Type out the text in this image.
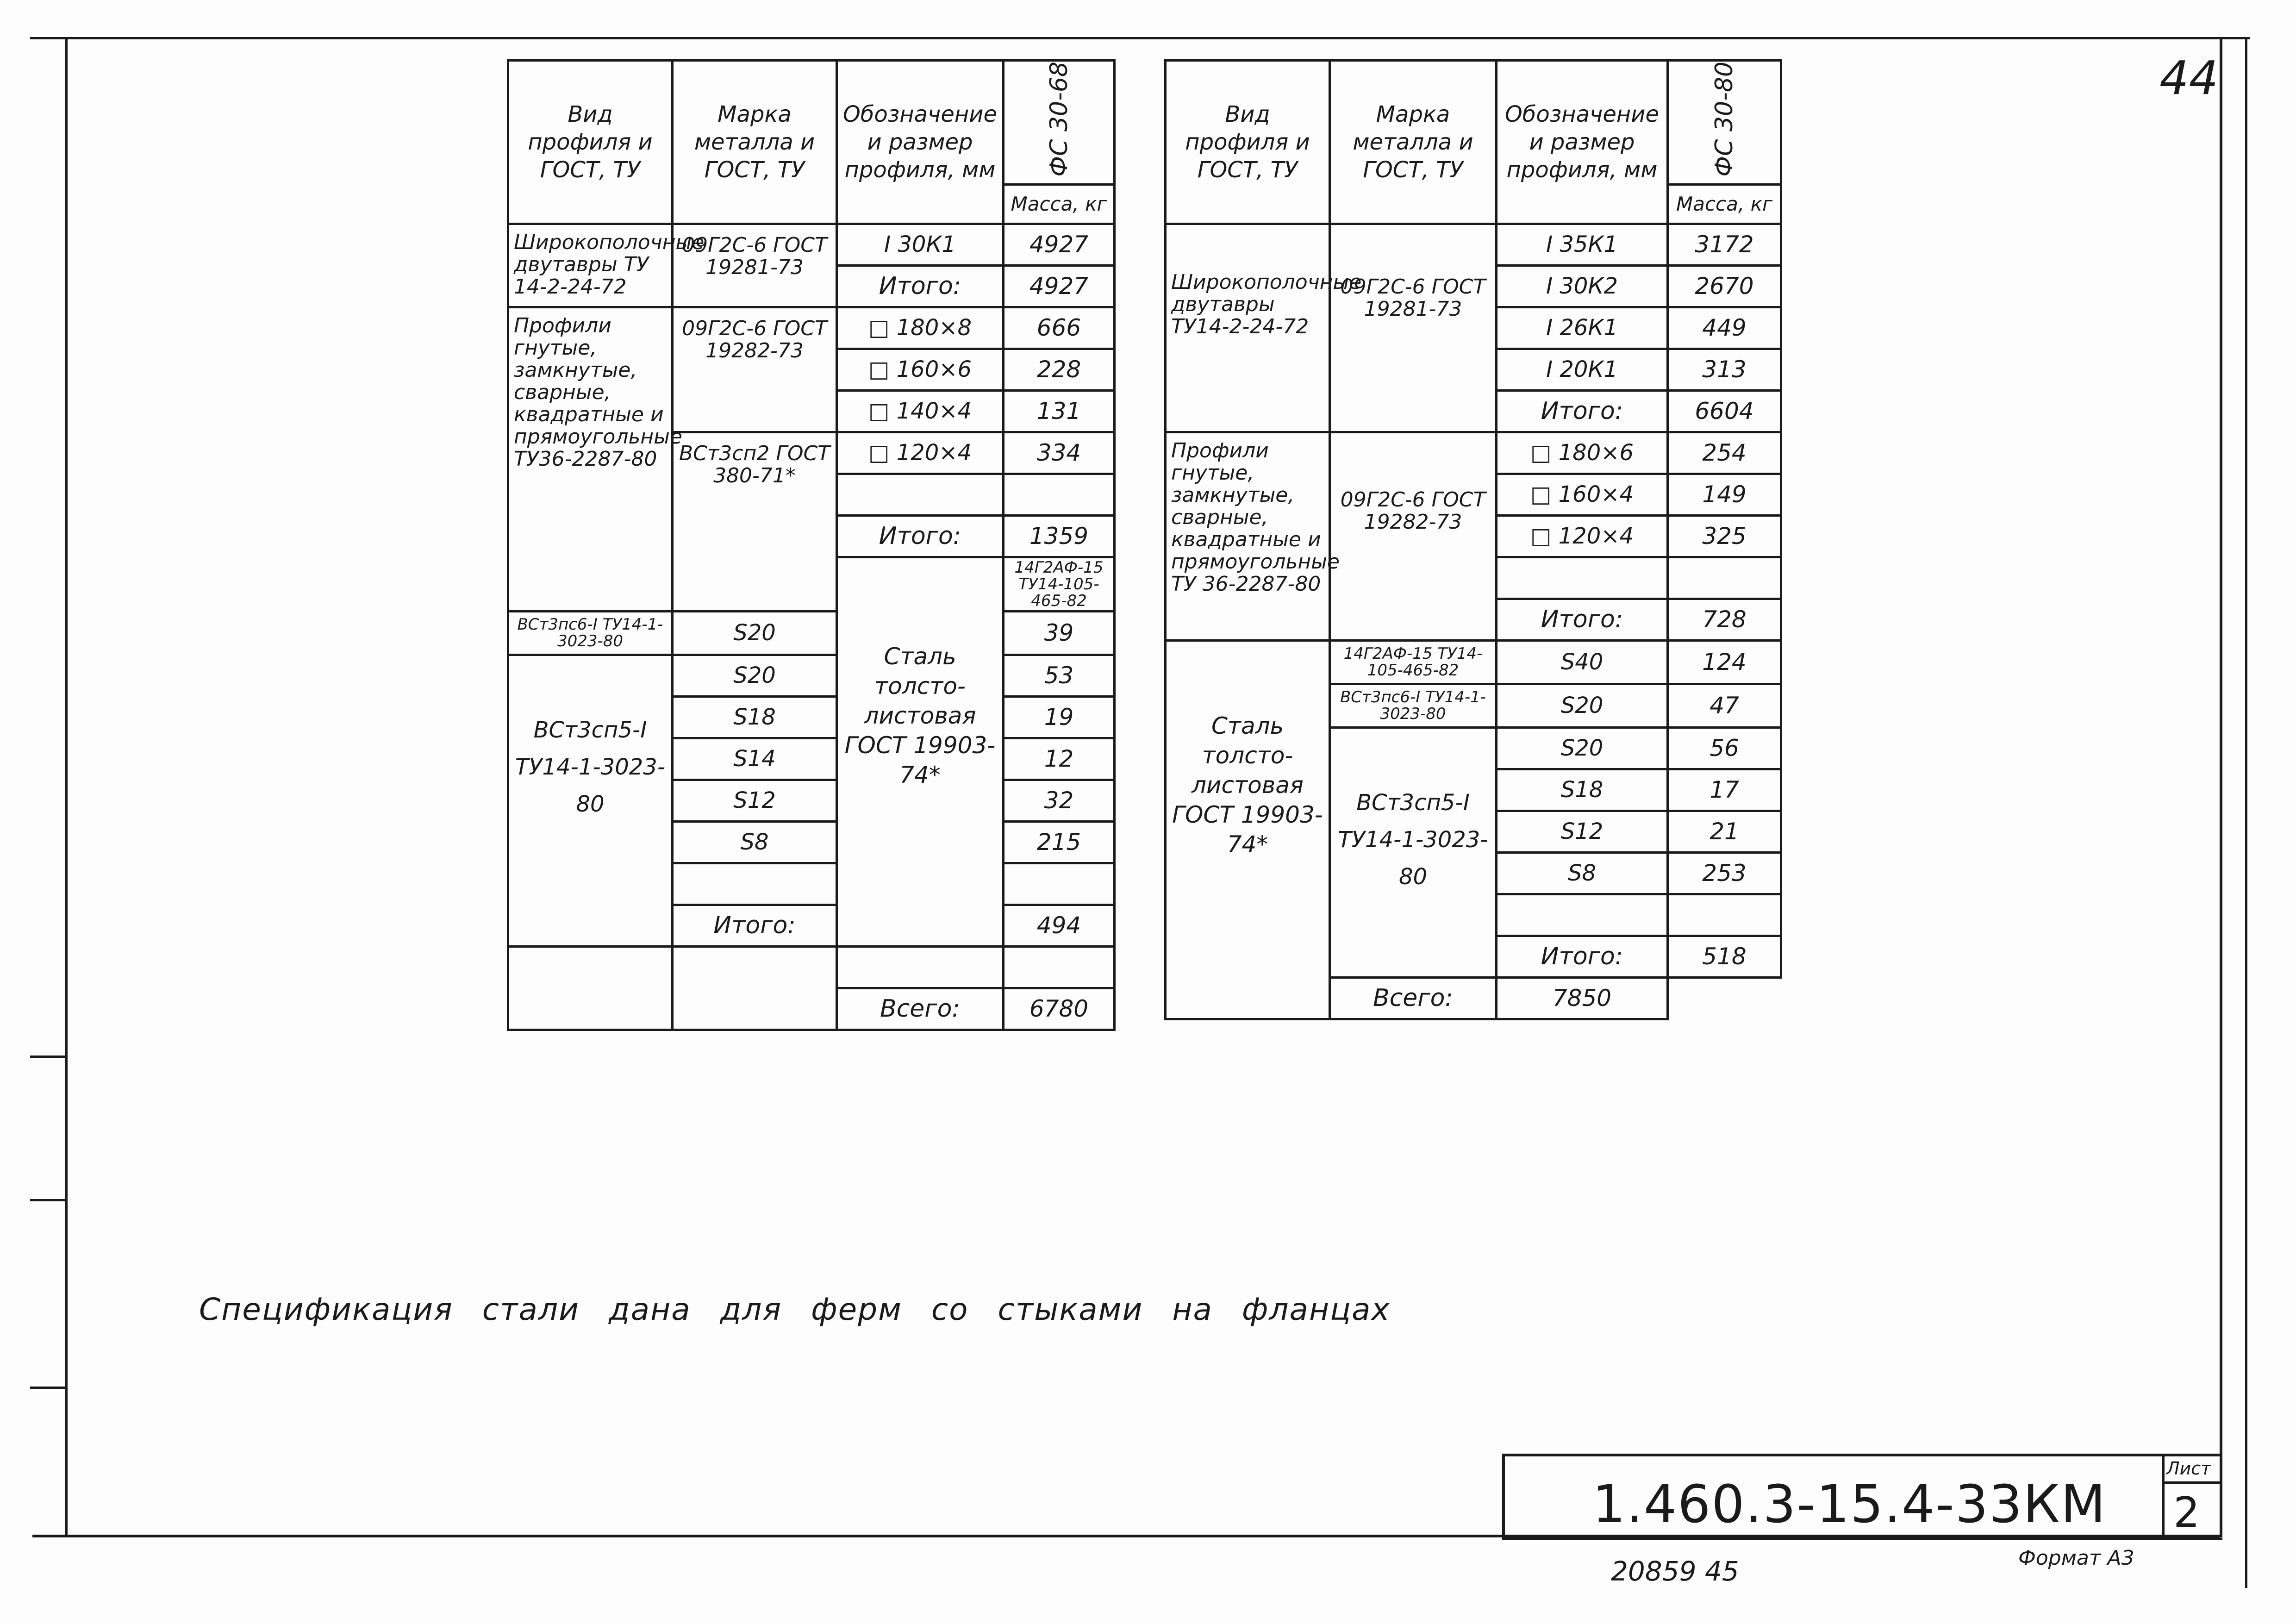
44
Вид профиля и ГОСТ, ТУ	Марка металла и ГОСТ, ТУ	Обозначение и размер профиля, мм	ФС 30-68	
			Масса, кг	
Широкополочные двутавры ТУ 14-2-24-72	09Г2С-6 ГОСТ 19281-73	I 30К1	4927	
		Итого:	4927	
Профили гнутые, замкнутые, сварные, квадратные и прямоугольные ТУ36-2287-80	09Г2С-6 ГОСТ 19282-73	□ 180×8	666	
		□ 160×6	228	
		□ 140×4	131	
	ВСт3сп2 ГОСТ 380-71*	□ 120×4	334	

		Итого:	1359	
		Сталь толсто-листовая ГОСТ 19903-74*	14Г2АФ-15 ТУ14-105-465-82		
ВСт3пс6-I ТУ14-1-3023-80	S20		39	
ВСт3сп5-I ТУ14-1-3023-80	S20		53	
	S18		19	
	S14		12	
	S12		32	
	S8		215	

	Итого:		494	

		Всего:	6780	
Вид профиля и ГОСТ, ТУ	Марка металла и ГОСТ, ТУ	Обозначение и размер профиля, мм	ФС 30-80
			Масса, кг
Широкополочные двутавры ТУ14-2-24-72	09Г2С-6 ГОСТ 19281-73	I 35К1	3172
		I 30К2	2670
		I 26К1	449
		I 20К1	313
		Итого:	6604
Профили гнутые, замкнутые, сварные, квадратные и прямоугольные ТУ 36-2287-80	09Г2С-6 ГОСТ 19282-73	□ 180×6	254
		□ 160×4	149
		□ 120×4	325

		Итого:	728
Сталь толсто-листовая ГОСТ 19903-74*	14Г2АФ-15 ТУ14-105-465-82	S40	124
	ВСт3пс6-I ТУ14-1-3023-80	S20	47
	ВСт3сп5-I ТУ14-1-3023-80	S20	56
		S18	17
		S12	21
		S8	253

		Итого:	518
	Всего:	7850	
Спецификация стали дана для ферм со стыками на фланцах
1.460.3-15.4-33КМ
Лист
2
Формат А3
20859 45
